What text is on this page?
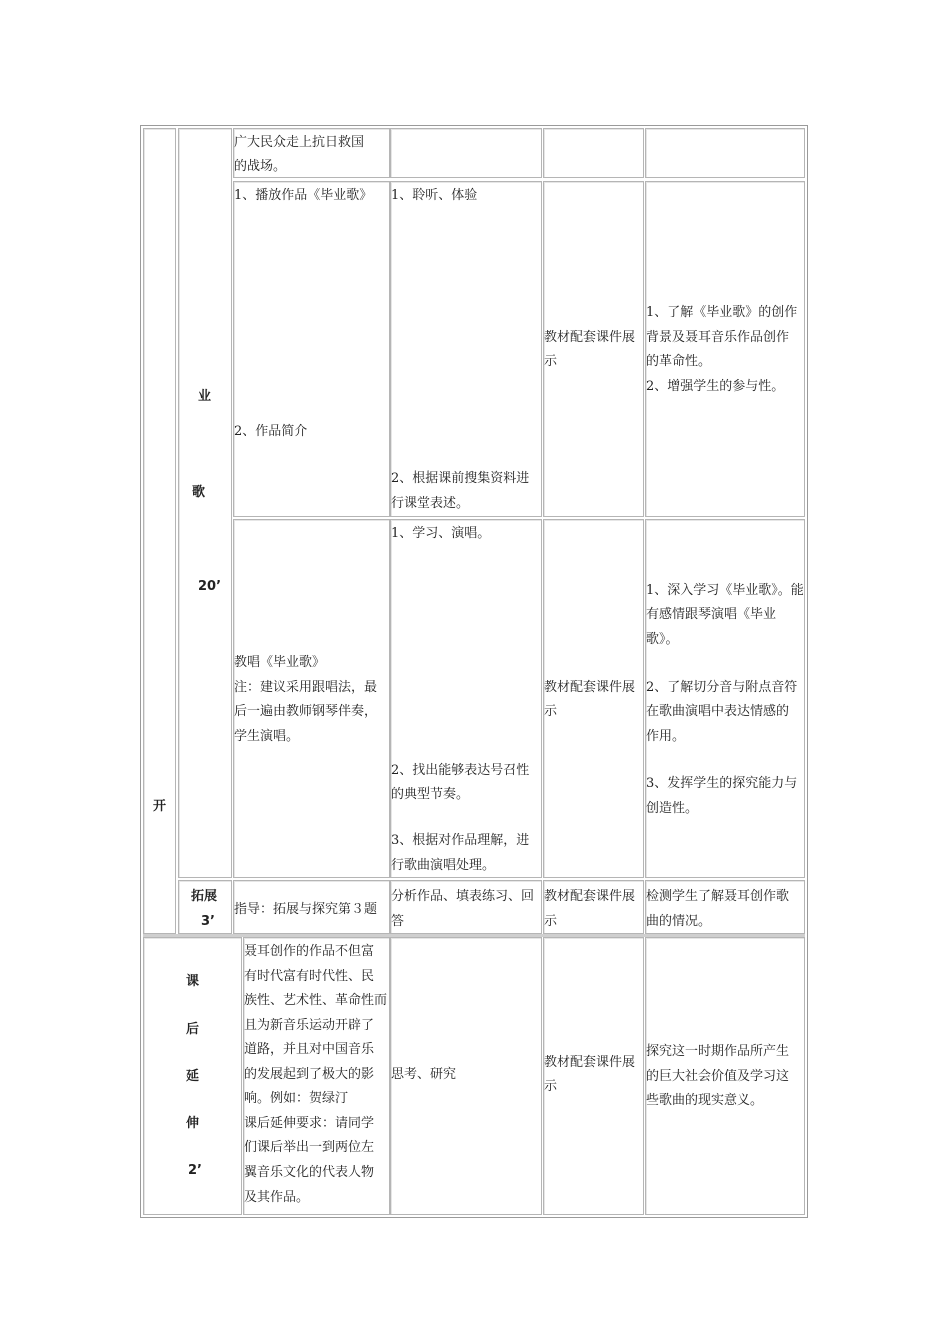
开
业
歌
20’
拓展
3’
课
后
延
伸
2’
广大民众走上抗日救国
的战场。
1、播放作品《毕业歌》
2、作品简介
1、聆听、体验
2、根据课前搜集资料进
行课堂表述。
教材配套课件展
示
1、了解《毕业歌》的创作
背景及聂耳音乐作品创作
的革命性。
2、增强学生的参与性。
教唱《毕业歌》
注：建议采用跟唱法，最
后一遍由教师钢琴伴奏，
学生演唱。
1、学习、演唱。
2、找出能够表达号召性
的典型节奏。
3、根据对作品理解，进
行歌曲演唱处理。
教材配套课件展
示
1、深入学习《毕业歌》。能
有感情跟琴演唱《毕业
歌》。
2、了解切分音与附点音符
在歌曲演唱中表达情感的
作用。
3、发挥学生的探究能力与
创造性。
指导：拓展与探究第３题
分析作品、填表练习、回
答
教材配套课件展
示
检测学生了解聂耳创作歌
曲的情况。
聂耳创作的作品不但富
有时代富有时代性、民
族性、艺术性、革命性而
且为新音乐运动开辟了
道路，并且对中国音乐
的发展起到了极大的影
响。例如：贺绿汀
课后延伸要求：请同学
们课后举出一到两位左
翼音乐文化的代表人物
及其作品。
思考、研究
教材配套课件展
示
探究这一时期作品所产生
的巨大社会价值及学习这
些歌曲的现实意义。
